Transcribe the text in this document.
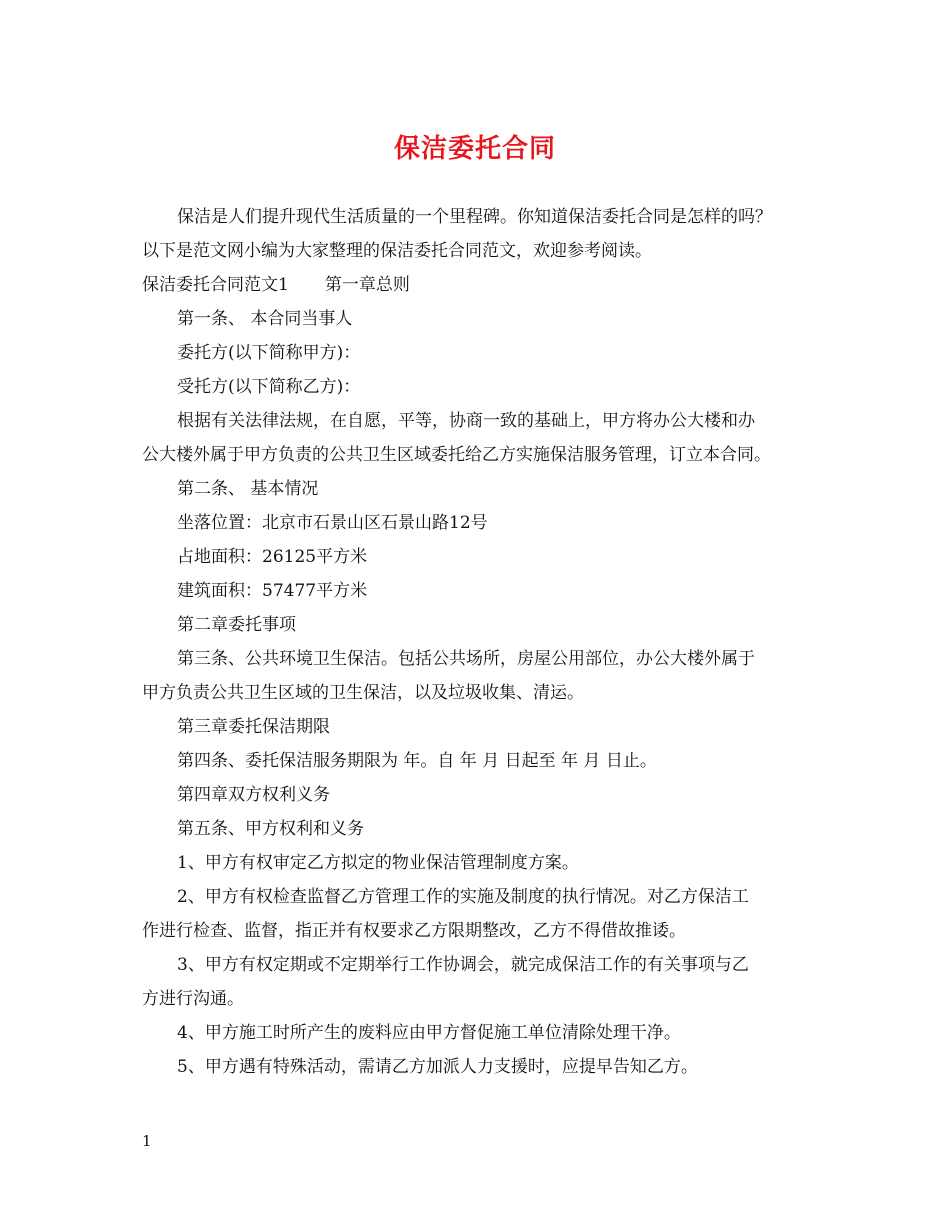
保洁委托合同

保洁是人们提升现代生活质量的一个里程碑。你知道保洁委托合同是怎样的吗？

以下是范文网小编为大家整理的保洁委托合同范文，欢迎参考阅读。

保洁委托合同范文1 第一章总则

第一条、 本合同当事人

委托方(以下简称甲方)：

受托方(以下简称乙方)：

根据有关法律法规，在自愿，平等，协商一致的基础上，甲方将办公大楼和办

公大楼外属于甲方负责的公共卫生区域委托给乙方实施保洁服务管理，订立本合同。

第二条、 基本情况

坐落位置：北京市石景山区石景山路12号

占地面积：26125平方米

建筑面积：57477平方米

第二章委托事项

第三条、公共环境卫生保洁。包括公共场所，房屋公用部位，办公大楼外属于

甲方负责公共卫生区域的卫生保洁，以及垃圾收集、清运。

第三章委托保洁期限

第四条、委托保洁服务期限为 年。自 年 月 日起至 年 月 日止。

第四章双方权利义务

第五条、甲方权利和义务

1、甲方有权审定乙方拟定的物业保洁管理制度方案。

2、甲方有权检查监督乙方管理工作的实施及制度的执行情况。对乙方保洁工

作进行检查、监督，指正并有权要求乙方限期整改，乙方不得借故推诿。

3、甲方有权定期或不定期举行工作协调会，就完成保洁工作的有关事项与乙

方进行沟通。

4、甲方施工时所产生的废料应由甲方督促施工单位清除处理干净。

5、甲方遇有特殊活动，需请乙方加派人力支援时，应提早告知乙方。

1
